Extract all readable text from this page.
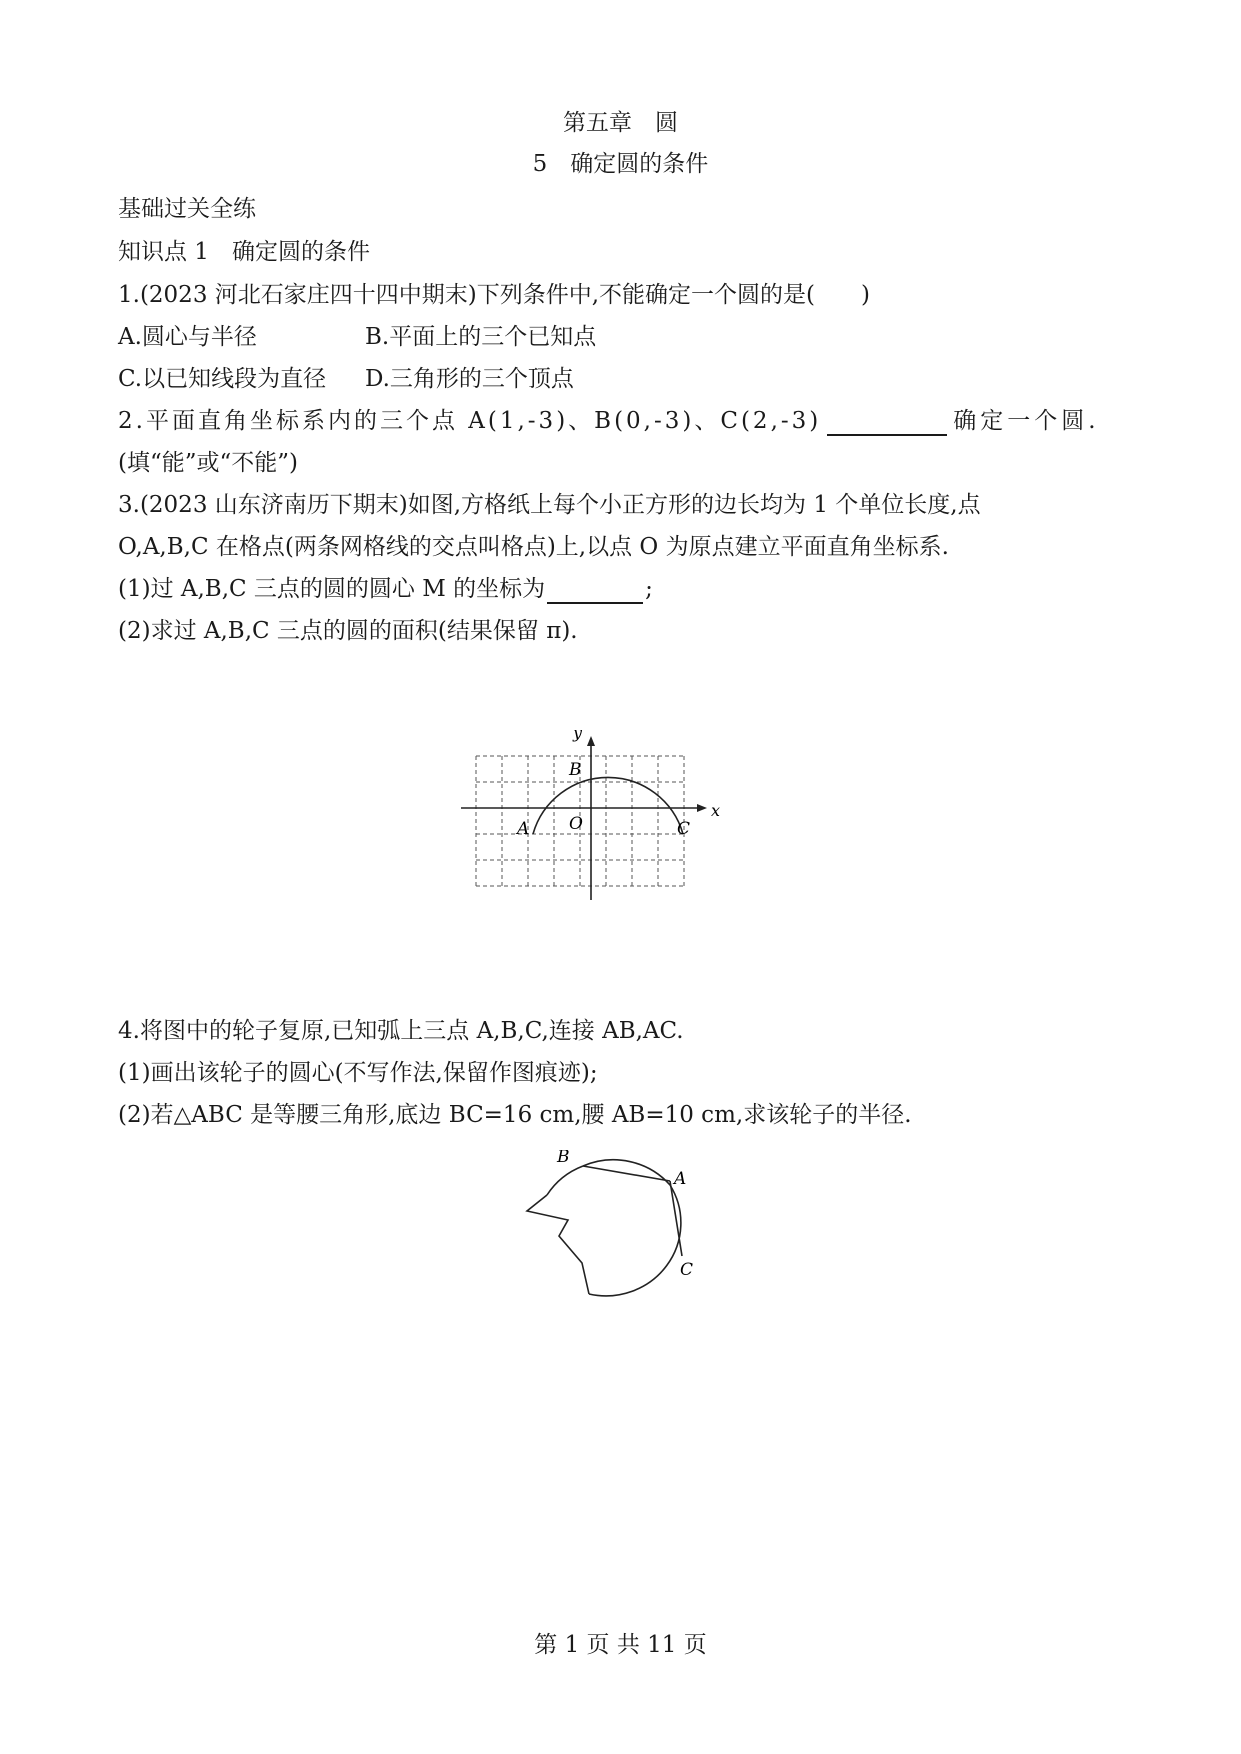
第五章　圆
5　确定圆的条件
基础过关全练
知识点 1　确定圆的条件
1.(2023 河北石家庄四十四中期末)下列条件中,不能确定一个圆的是(　　)
A.圆心与半径	B.平面上的三个已知点
C.以已知线段为直径 D.三角形的三个顶点
2.平面直角坐标系内的三个点 A(1,-3)、B(0,-3)、C(2,-3)	确定一个圆.
(填“能”或“不能”)
3.(2023 山东济南历下期末)如图,方格纸上每个小正方形的边长均为 1 个单位长度,点
O,A,B,C 在格点(两条网格线的交点叫格点)上,以点 O 为原点建立平面直角坐标系.
(1)过 A,B,C 三点的圆的圆心 M 的坐标为	;
(2)求过 A,B,C 三点的圆的面积(结果保留 π).
y
x
B
O
A	C
4.将图中的轮子复原,已知弧上三点 A,B,C,连接 AB,AC.
(1)画出该轮子的圆心(不写作法,保留作图痕迹);
(2)若△ABC 是等腰三角形,底边 BC=16 cm,腰 AB=10 cm,求该轮子的半径.
B
A
C
第 1 页 共 11 页
